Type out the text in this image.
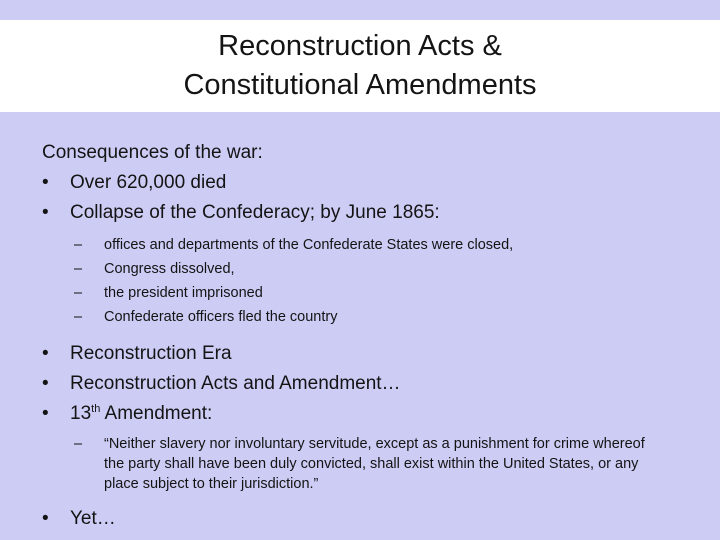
Reconstruction Acts &
Constitutional Amendments
Consequences of the war:
• Over 620,000 died
• Collapse of the Confederacy; by June 1865:
– offices and departments of the Confederate States were closed,
– Congress dissolved,
– the president imprisoned
– Confederate officers fled the country
• Reconstruction Era
• Reconstruction Acts and Amendment…
• 13th Amendment:
– “Neither slavery nor involuntary servitude, except as a punishment for crime whereof the party shall have been duly convicted, shall exist within the United States, or any place subject to their jurisdiction.”
• Yet…
